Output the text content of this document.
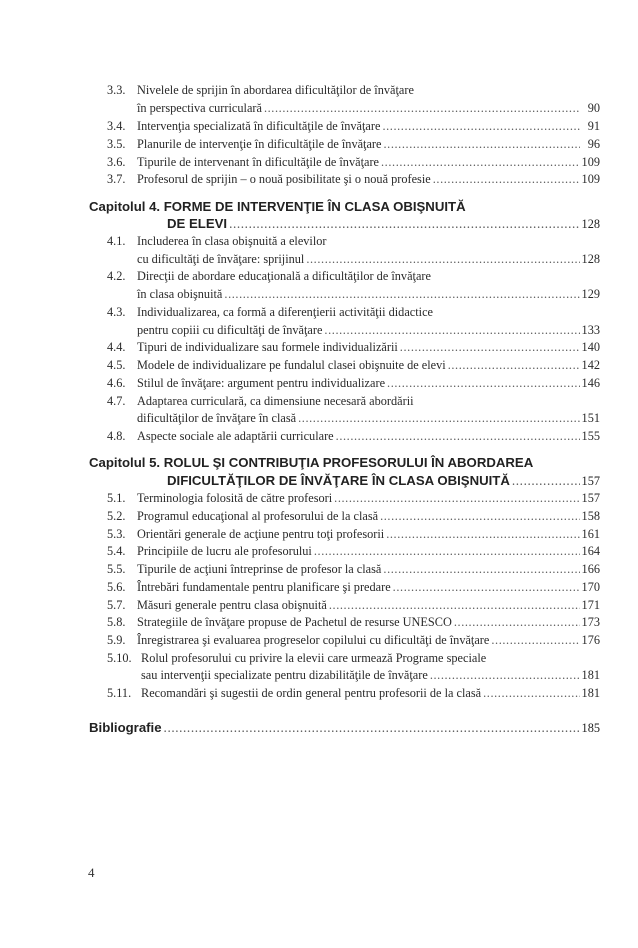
3.3. Nivelele de sprijin în abordarea dificultăţilor de învăţare
în perspectiva curriculară .....	90
3.4. Intervenţia specializată în dificultăţile de învăţare .....	91
3.5. Planurile de intervenţie în dificultăţile de învăţare .....	96
3.6. Tipurile de intervenant în dificultăţile de învăţare .....	109
3.7. Profesorul de sprijin – o nouă posibilitate şi o nouă profesie .....	109
Capitolul 4. FORME DE INTERVENŢIE ÎN CLASA OBIŞNUITĂ
DE ELEVI .....	128
4.1. Includerea în clasa obişnuită a elevilor
cu dificultăţi de învăţare: sprijinul .....	128
4.2. Direcţii de abordare educaţională a dificultăţilor de învăţare
în clasa obişnuită .....	129
4.3. Individualizarea, ca formă a diferenţierii activităţii didactice
pentru copiii cu dificultăţi de învăţare .....	133
4.4. Tipuri de individualizare sau formele individualizării .....	140
4.5. Modele de individualizare pe fundalul clasei obişnuite de elevi .....	142
4.6. Stilul de învăţare: argument pentru individualizare .....	146
4.7. Adaptarea curriculară, ca dimensiune necesară abordării
dificultăţilor de învăţare în clasă .....	151
4.8. Aspecte sociale ale adaptării curriculare .....	155
Capitolul 5. ROLUL ŞI CONTRIBUŢIA PROFESORULUI ÎN ABORDAREA
DIFICULTĂŢILOR DE ÎNVĂŢARE ÎN CLASA OBIŞNUITĂ .....	157
5.1. Terminologia folosită de către profesori .....	157
5.2. Programul educaţional al profesorului de la clasă .....	158
5.3. Orientări generale de acţiune pentru toţi profesorii .....	161
5.4. Principiile de lucru ale profesorului .....	164
5.5. Tipurile de acţiuni întreprinse de profesor la clasă .....	166
5.6. Întrebări fundamentale pentru planificare şi predare .....	170
5.7. Măsuri generale pentru clasa obişnuită .....	171
5.8. Strategiile de învăţare propuse de Pachetul de resurse UNESCO .....	173
5.9. Înregistrarea şi evaluarea progreselor copilului cu dificultăţi de învăţare .....	176
5.10. Rolul profesorului cu privire la elevii care urmează Programe speciale
sau intervenţii specializate pentru dizabilităţile de învăţare .....	181
5.11. Recomandări şi sugestii de ordin general pentru profesorii de la clasă .....	181
Bibliografie .....	185
4
